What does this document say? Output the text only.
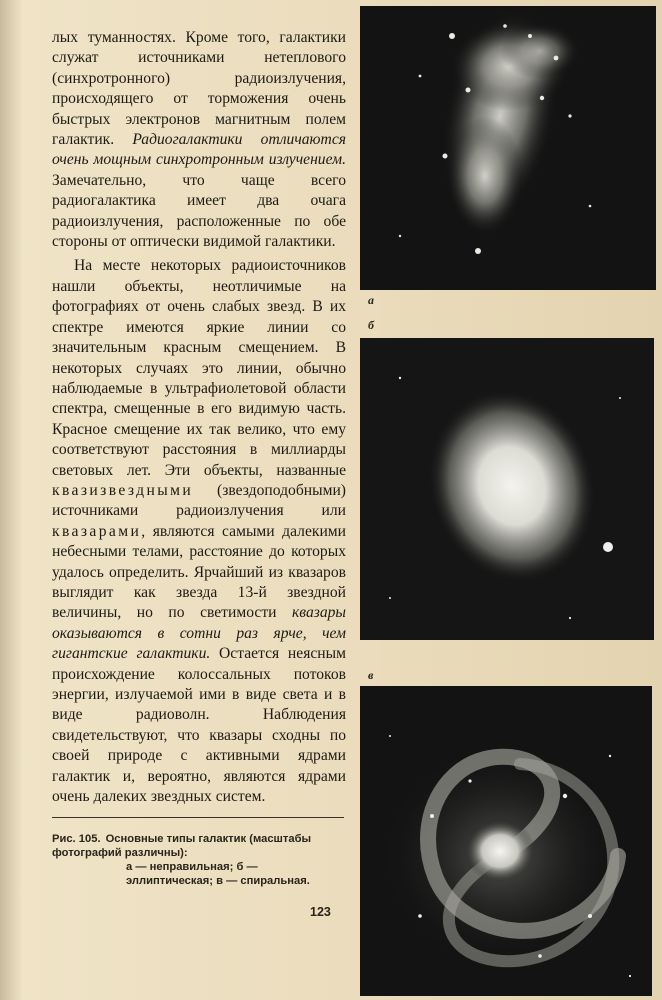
лых туманностях. Кроме того, галактики служат источниками нетеплового (синхротронного) радиоизлучения, происходящего от торможения очень быстрых электронов магнитным полем галактик. Радиогалактики отличаются очень мощным синхротронным излучением. Замечательно, что чаще всего радиогалактика имеет два очага радиоизлучения, расположенные по обе стороны от оптически видимой галактики.

На месте некоторых радиоисточников нашли объекты, неотличимые на фотографиях от очень слабых звезд. В их спектре имеются яркие линии со значительным красным смещением. В некоторых случаях это линии, обычно наблюдаемые в ультрафиолетовой области спектра, смещенные в его видимую часть. Красное смещение их так велико, что ему соответствуют расстояния в миллиарды световых лет. Эти объекты, названные квазизвездными (звездоподобными) источниками радиоизлучения или квазарами, являются самыми далекими небесными телами, расстояние до которых удалось определить. Ярчайший из квазаров выглядит как звезда 13-й звездной величины, но по светимости квазары оказываются в сотни раз ярче, чем гигантские галактики. Остается неясным происхождение колоссальных потоков энергии, излучаемой ими в виде света и в виде радиоволн. Наблюдения свидетельствуют, что квазары сходны по своей природе с активными ядрами галактик и, вероятно, являются ядрами очень далеких звездных систем.

Рис. 105. Основные типы галактик (масштабы фотографий различны):
а — неправильная; б — эллиптическая; в — спиральная.
123
а
б
в
